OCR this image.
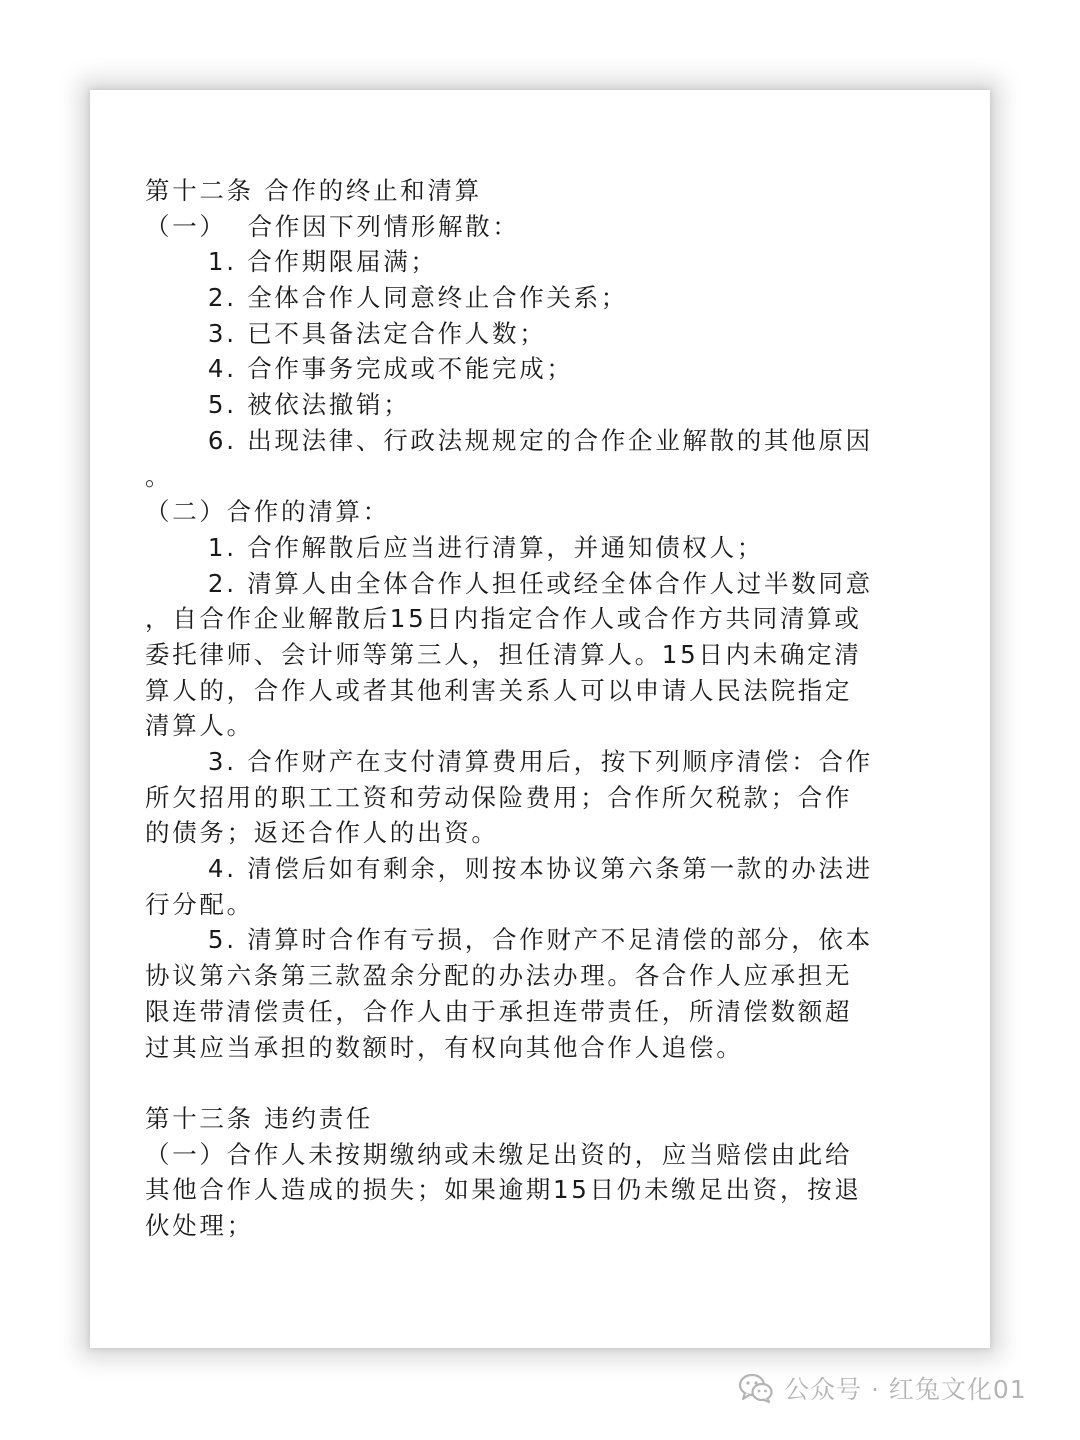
第十二条 合作的终止和清算
（一）  合作因下列情形解散：
1. 合作期限届满；
2. 全体合作人同意终止合作关系；
3. 已不具备法定合作人数；
4. 合作事务完成或不能完成；
5. 被依法撤销；
6. 出现法律、行政法规规定的合作企业解散的其他原因
。
（二）合作的清算：
1. 合作解散后应当进行清算，并通知债权人；
2. 清算人由全体合作人担任或经全体合作人过半数同意
，自合作企业解散后15日内指定合作人或合作方共同清算或
委托律师、会计师等第三人，担任清算人。15日内未确定清
算人的，合作人或者其他利害关系人可以申请人民法院指定
清算人。
3. 合作财产在支付清算费用后，按下列顺序清偿：合作
所欠招用的职工工资和劳动保险费用；合作所欠税款；合作
的债务；返还合作人的出资。
4. 清偿后如有剩余，则按本协议第六条第一款的办法进
行分配。
5. 清算时合作有亏损，合作财产不足清偿的部分，依本
协议第六条第三款盈余分配的办法办理。各合作人应承担无
限连带清偿责任，合作人由于承担连带责任，所清偿数额超
过其应当承担的数额时，有权向其他合作人追偿。
第十三条 违约责任
（一）合作人未按期缴纳或未缴足出资的，应当赔偿由此给
其他合作人造成的损失；如果逾期15日仍未缴足出资，按退
伙处理；
公众号 · 红兔文化01
